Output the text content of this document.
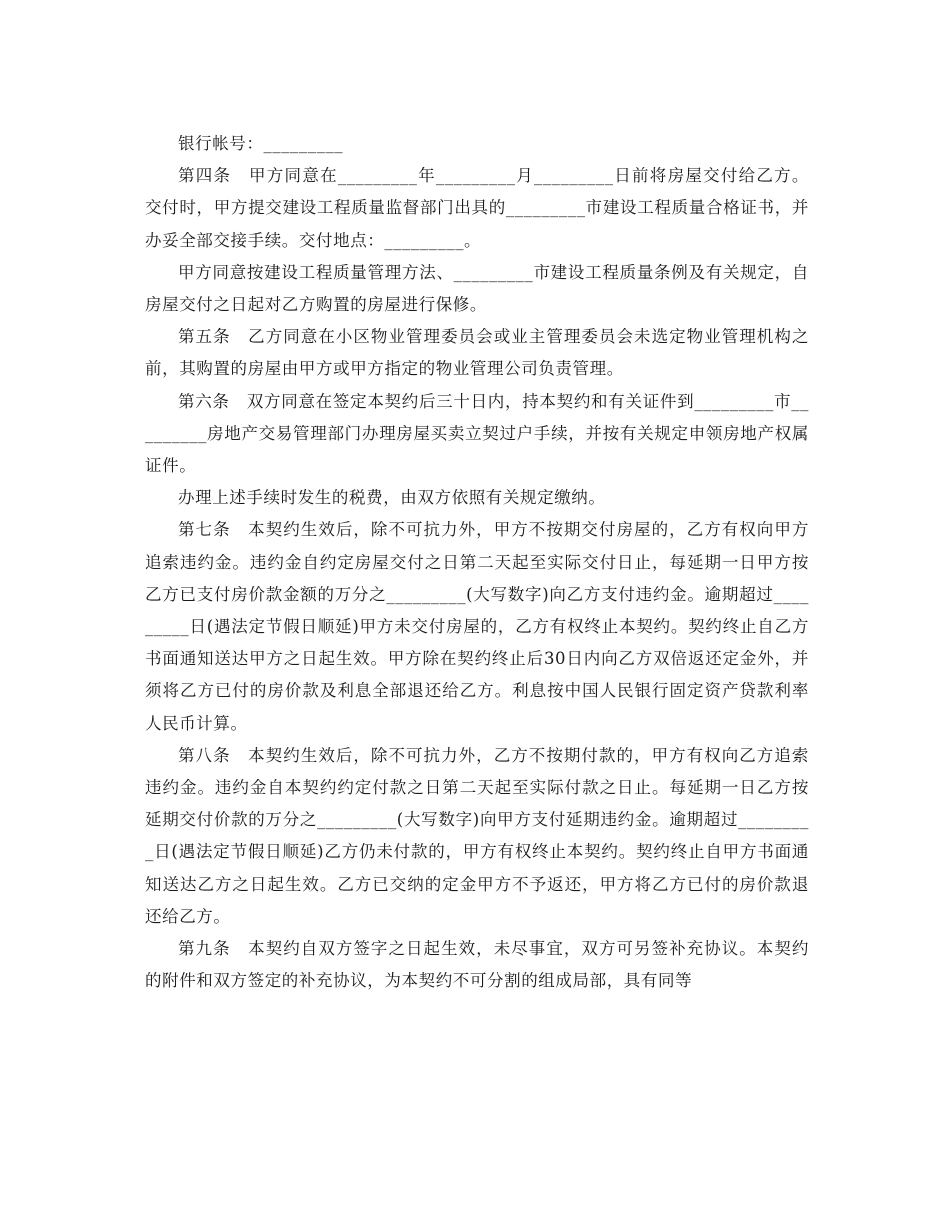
银行帐号：_________

第四条　甲方同意在_________年_________月_________日前将房屋交付给乙方。交付时，甲方提交建设工程质量监督部门出具的_________市建设工程质量合格证书，并办妥全部交接手续。交付地点：_________。

甲方同意按建设工程质量管理方法、_________市建设工程质量条例及有关规定，自房屋交付之日起对乙方购置的房屋进行保修。

第五条　乙方同意在小区物业管理委员会或业主管理委员会未选定物业管理机构之前，其购置的房屋由甲方或甲方指定的物业管理公司负责管理。

第六条　双方同意在签定本契约后三十日内，持本契约和有关证件到_________市_________房地产交易管理部门办理房屋买卖立契过户手续，并按有关规定申领房地产权属证件。

办理上述手续时发生的税费，由双方依照有关规定缴纳。

第七条　本契约生效后，除不可抗力外，甲方不按期交付房屋的，乙方有权向甲方追索违约金。违约金自约定房屋交付之日第二天起至实际交付日止，每延期一日甲方按乙方已支付房价款金额的万分之_________(大写数字)向乙方支付违约金。逾期超过_________日(遇法定节假日顺延)甲方未交付房屋的，乙方有权终止本契约。契约终止自乙方书面通知送达甲方之日起生效。甲方除在契约终止后30日内向乙方双倍返还定金外，并须将乙方已付的房价款及利息全部退还给乙方。利息按中国人民银行固定资产贷款利率人民币计算。

第八条　本契约生效后，除不可抗力外，乙方不按期付款的，甲方有权向乙方追索违约金。违约金自本契约约定付款之日第二天起至实际付款之日止。每延期一日乙方按延期交付价款的万分之_________(大写数字)向甲方支付延期违约金。逾期超过_________日(遇法定节假日顺延)乙方仍未付款的，甲方有权终止本契约。契约终止自甲方书面通知送达乙方之日起生效。乙方已交纳的定金甲方不予返还，甲方将乙方已付的房价款退还给乙方。

第九条　本契约自双方签字之日起生效，未尽事宜，双方可另签补充协议。本契约的附件和双方签定的补充协议，为本契约不可分割的组成局部，具有同等
